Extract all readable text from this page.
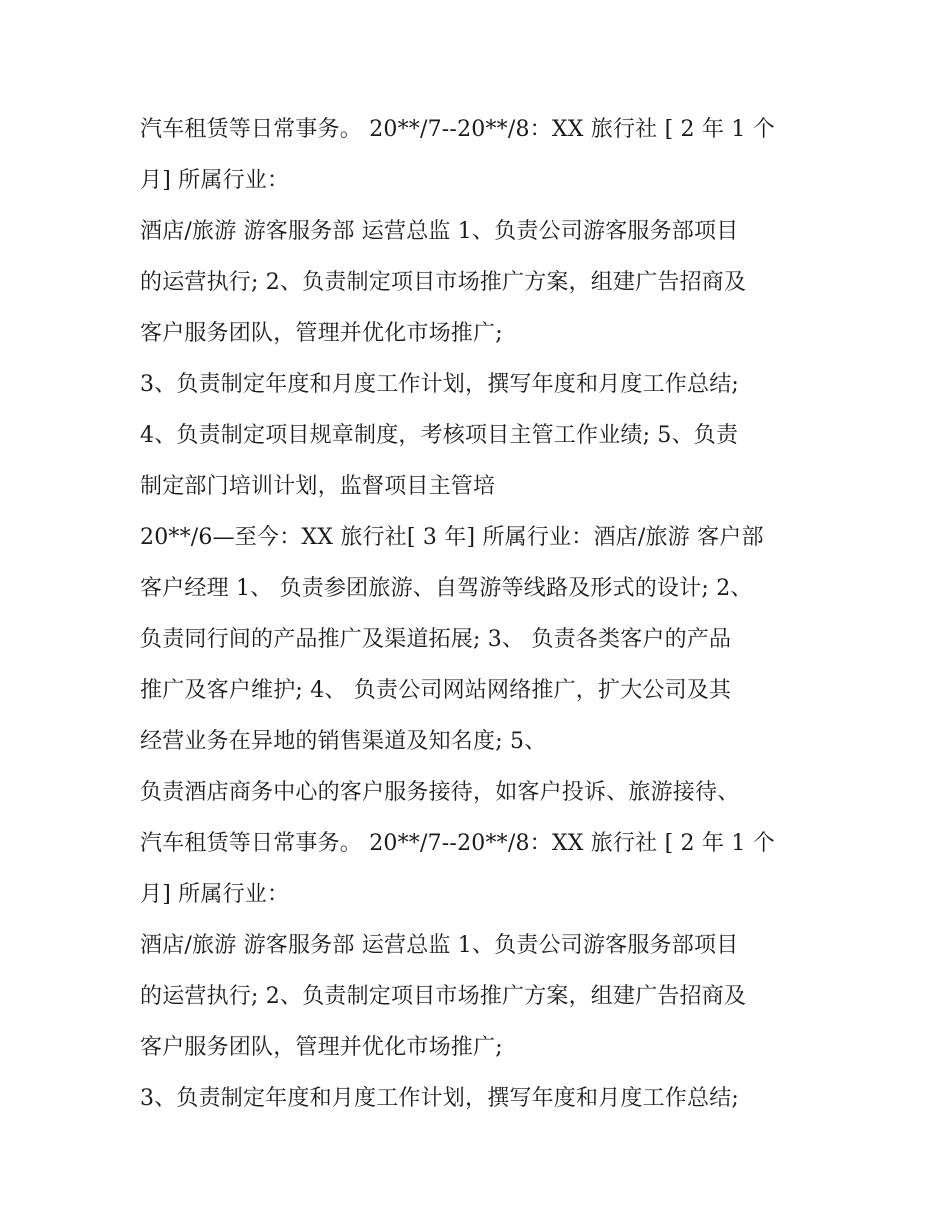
汽车租赁等日常事务。 20**/7--20**/8：XX 旅行社 [ 2 年 1 个
月] 所属行业：
酒店/旅游 游客服务部 运营总监 1、负责公司游客服务部项目
的运营执行; 2、负责制定项目市场推广方案，组建广告招商及
客户服务团队，管理并优化市场推广;
3、负责制定年度和月度工作计划，撰写年度和月度工作总结;
4、负责制定项目规章制度，考核项目主管工作业绩; 5、负责
制定部门培训计划，监督项目主管培
20**/6—至今：XX 旅行社[ 3 年] 所属行业：酒店/旅游 客户部
客户经理 1、 负责参团旅游、自驾游等线路及形式的设计; 2、
负责同行间的产品推广及渠道拓展; 3、 负责各类客户的产品
推广及客户维护; 4、 负责公司网站网络推广，扩大公司及其
经营业务在异地的销售渠道及知名度; 5、
负责酒店商务中心的客户服务接待，如客户投诉、旅游接待、
汽车租赁等日常事务。 20**/7--20**/8：XX 旅行社 [ 2 年 1 个
月] 所属行业：
酒店/旅游 游客服务部 运营总监 1、负责公司游客服务部项目
的运营执行; 2、负责制定项目市场推广方案，组建广告招商及
客户服务团队，管理并优化市场推广;
3、负责制定年度和月度工作计划，撰写年度和月度工作总结;
